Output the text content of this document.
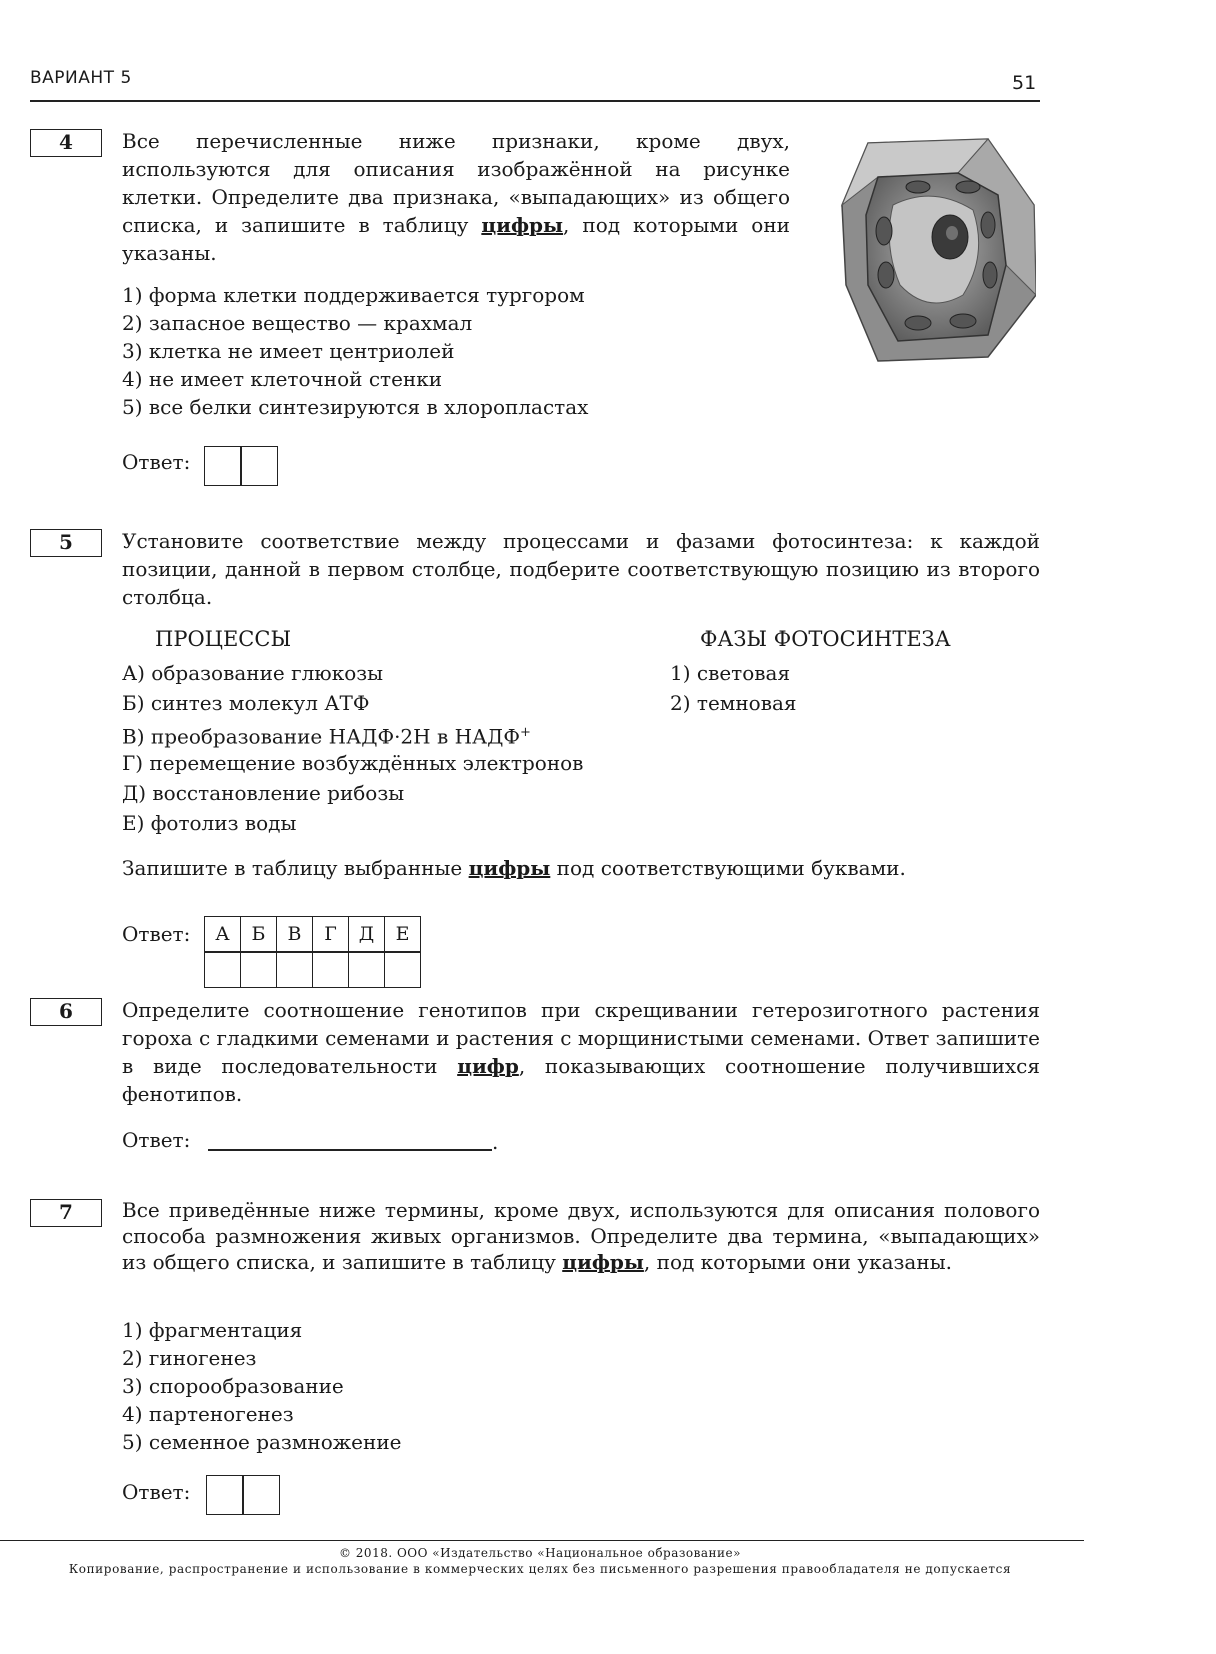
ВАРИАНТ 5	51
4	Все перечисленные ниже признаки, кроме двух, используются для описания изображённой на рисунке клетки. Определите два признака, «выпадающих» из общего списка, и запишите в таблицу цифры, под которыми они указаны.
1) форма клетки поддерживается тургором
2) запасное вещество — крахмал
3) клетка не имеет центриолей
4) не имеет клеточной стенки
5) все белки синтезируются в хлоропластах
Ответ:
5	Установите соответствие между процессами и фазами фотосинтеза: к каждой позиции, данной в первом столбце, подберите соответствующую позицию из второго столбца.
ПРОЦЕССЫ	ФАЗЫ ФОТОСИНТЕЗА
А) образование глюкозы
Б) синтез молекул АТФ
В) преобразование НАДФ·2Н в НАДФ+
Г) перемещение возбуждённых электронов
Д) восстановление рибозы
Е) фотолиз воды
1) световая
2) темновая
Запишите в таблицу выбранные цифры под соответствующими буквами.
Ответ:	А	Б	В	Г	Д	Е
6	Определите соотношение генотипов при скрещивании гетерозиготного растения гороха с гладкими семенами и растения с морщинистыми семенами. Ответ запишите в виде последовательности цифр, показывающих соотношение получившихся фенотипов.
Ответ:	.
7	Все приведённые ниже термины, кроме двух, используются для описания полового способа размножения живых организмов. Определите два термина, «выпадающих» из общего списка, и запишите в таблицу цифры, под которыми они указаны.
1) фрагментация
2) гиногенез
3) спорообразование
4) партеногенез
5) семенное размножение
Ответ:
© 2018. ООО «Издательство «Национальное образование»
Копирование, распространение и использование в коммерческих целях без письменного разрешения правообладателя не допускается
